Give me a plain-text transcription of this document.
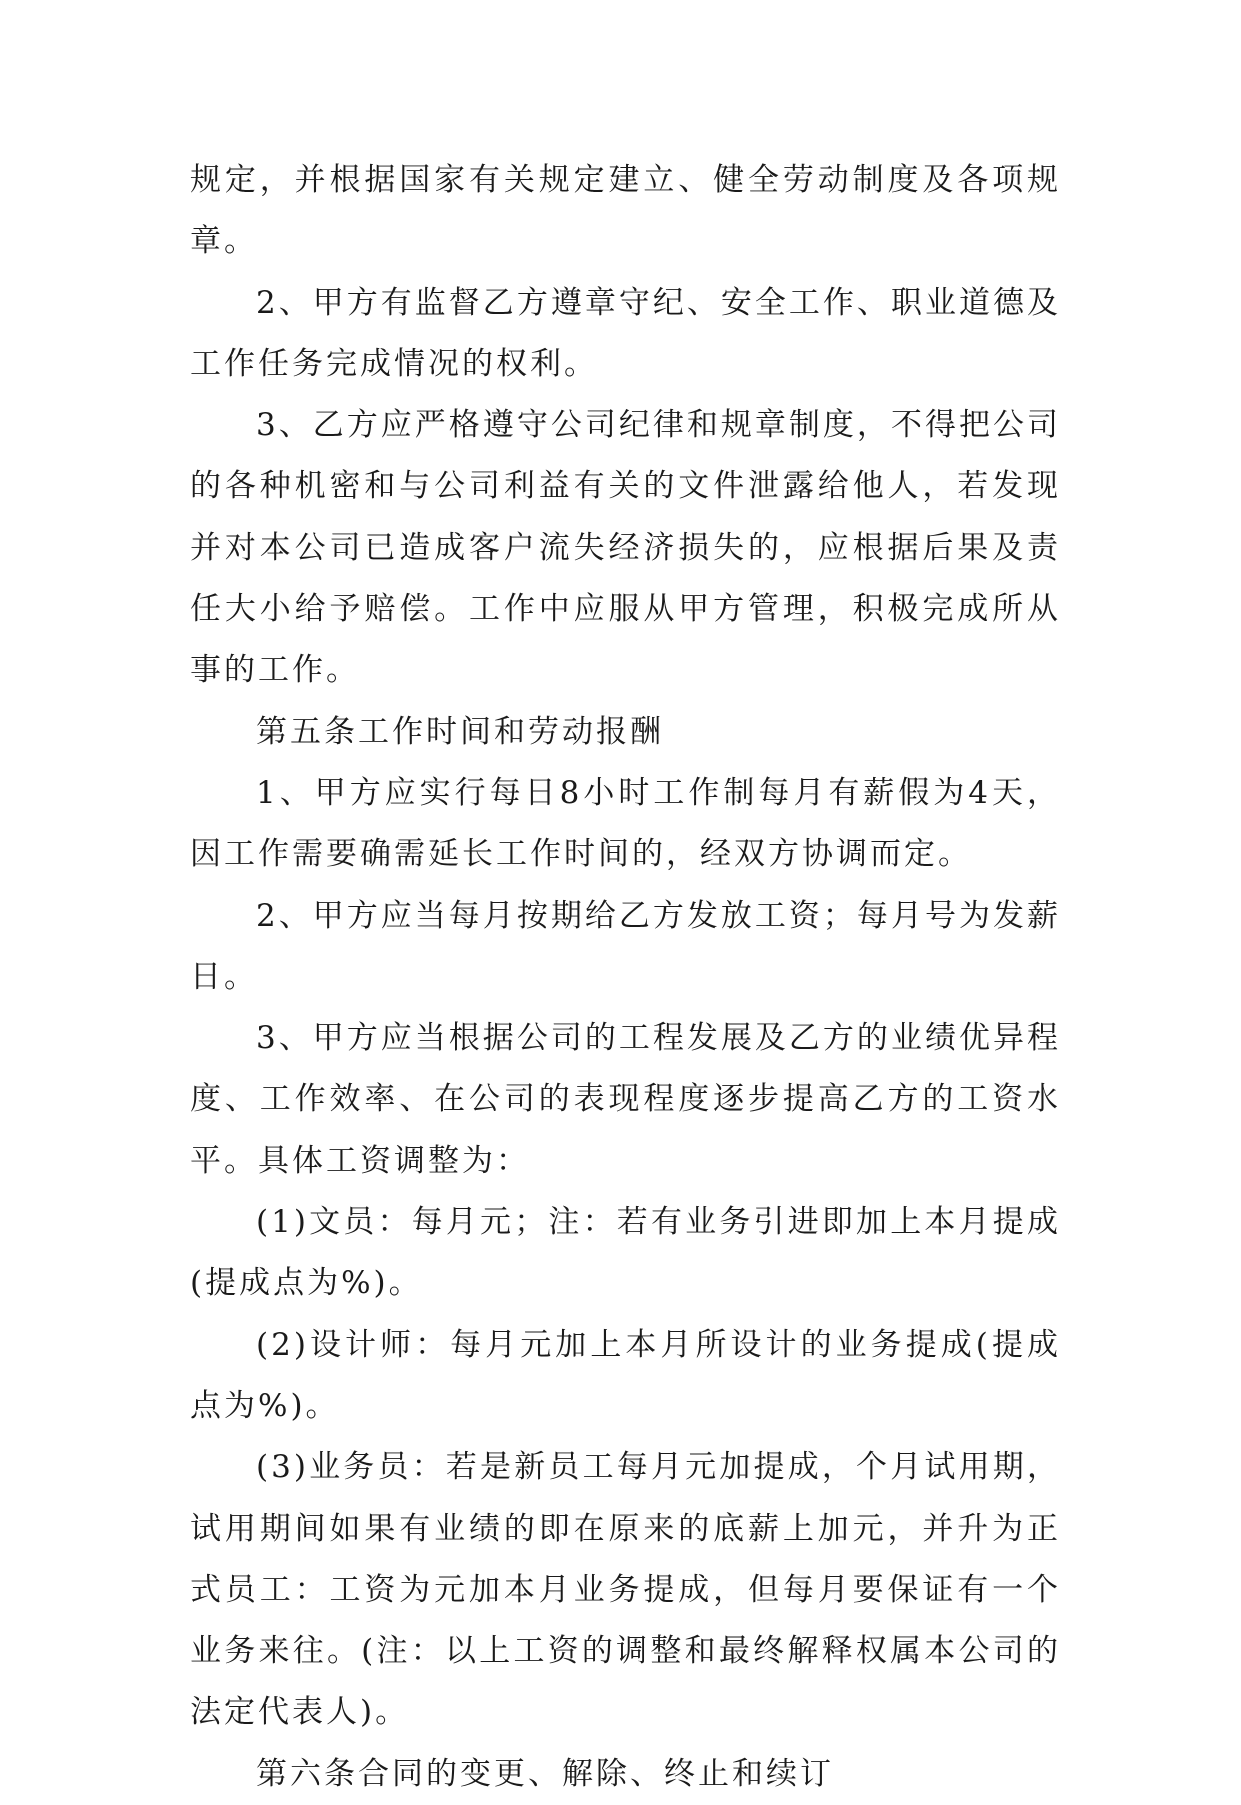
规定，并根据国家有关规定建立、健全劳动制度及各项规章。

2、甲方有监督乙方遵章守纪、安全工作、职业道德及工作任务完成情况的权利。

3、乙方应严格遵守公司纪律和规章制度，不得把公司的各种机密和与公司利益有关的文件泄露给他人，若发现并对本公司已造成客户流失经济损失的，应根据后果及责任大小给予赔偿。工作中应服从甲方管理，积极完成所从事的工作。

第五条工作时间和劳动报酬

1、甲方应实行每日8小时工作制每月有薪假为4天，因工作需要确需延长工作时间的，经双方协调而定。

2、甲方应当每月按期给乙方发放工资；每月号为发薪日。

3、甲方应当根据公司的工程发展及乙方的业绩优异程度、工作效率、在公司的表现程度逐步提高乙方的工资水平。具体工资调整为：

(1)文员：每月元；注：若有业务引进即加上本月提成(提成点为%)。

(2)设计师：每月元加上本月所设计的业务提成(提成点为%)。

(3)业务员：若是新员工每月元加提成，个月试用期，试用期间如果有业绩的即在原来的底薪上加元，并升为正式员工：工资为元加本月业务提成，但每月要保证有一个业务来往。(注：以上工资的调整和最终解释权属本公司的法定代表人)。

第六条合同的变更、解除、终止和续订
